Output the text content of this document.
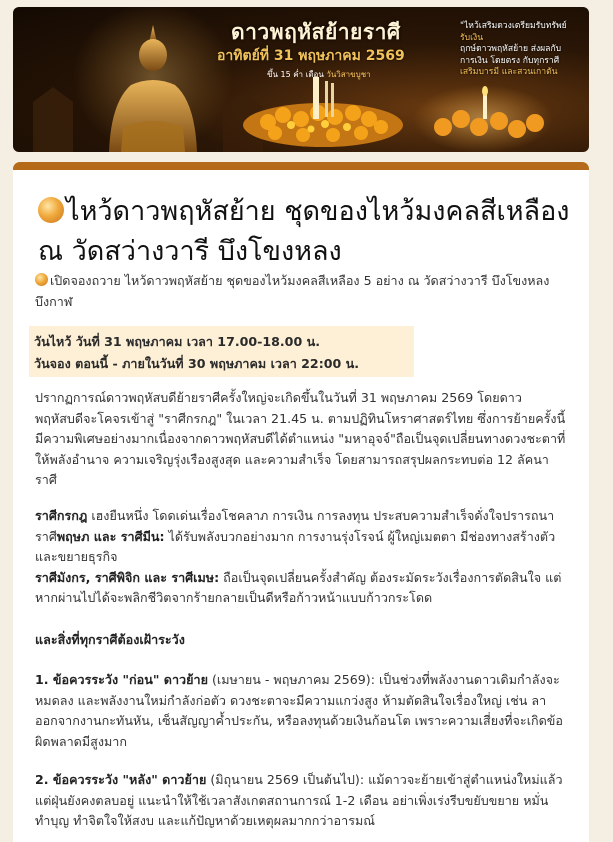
ดาวพฤหัสย้ายราศี
อาทิตย์ที่ 31 พฤษภาคม 2569
ขึ้น 15 ค่ำ เดือน วันวิสาขบูชา
"ไหว้เสริมดวงเตรียมรับทรัพย์
รับเงิน
ฤกษ์ดาวพฤหัสย้าย ส่งผลกับ
การเงิน โดยตรง กับทุกราศี
เสริมบารมี และสวนเกาตัน
ไหว้ดาวพฤหัสย้าย ชุดของไหว้มงคลสีเหลือง ณ วัดสว่างวารี บึงโขงหลง
เปิดจองถวาย ไหว้ดาวพฤหัสย้าย ชุดของไหว้มงคลสีเหลือง 5 อย่าง ณ วัดสว่างวารี บึงโขงหลง บึงกาฬ
วันไหว้ วันที่ 31 พฤษภาคม เวลา 17.00-18.00 น.
วันจอง ตอนนี้ - ภายในวันที่ 30 พฤษภาคม เวลา 22:00 น.
ปรากฏการณ์ดาวพฤหัสบดีย้ายราศีครั้งใหญ่จะเกิดขึ้นในวันที่ 31 พฤษภาคม 2569 โดยดาวพฤหัสบดีจะโคจรเข้าสู่ "ราศีกรกฎ" ในเวลา 21.45 น. ตามปฏิทินโหราศาสตร์ไทย ซึ่งการย้ายครั้งนี้มีความพิเศษอย่างมากเนื่องจากดาวพฤหัสบดีได้ตำแหน่ง "มหาอุจจ์"ถือเป็นจุดเปลี่ยนทางดวงชะตาที่ให้พลังอำนาจ ความเจริญรุ่งเรืองสูงสุด และความสำเร็จ โดยสามารถสรุปผลกระทบต่อ 12 ลัคนาราศี
ราศีกรกฎ เฮงยืนหนึ่ง โดดเด่นเรื่องโชคลาภ การเงิน การลงทุน ประสบความสำเร็จดั่งใจปรารถนาราศีพฤษภ และ ราศีมีน: ได้รับพลังบวกอย่างมาก การงานรุ่งโรจน์ ผู้ใหญ่เมตตา มีช่องทางสร้างตัวและขยายธุรกิจ
ราศีมังกร, ราศีพิจิก และ ราศีเมษ: ถือเป็นจุดเปลี่ยนครั้งสำคัญ ต้องระมัดระวังเรื่องการตัดสินใจ แต่หากผ่านไปได้จะพลิกชีวิตจากร้ายกลายเป็นดีหรือก้าวหน้าแบบก้าวกระโดด
และสิ่งที่ทุกราศีต้องเฝ้าระวัง
1. ข้อควรระวัง "ก่อน" ดาวย้าย (เมษายน - พฤษภาคม 2569): เป็นช่วงที่พลังงานดาวเดิมกำลังจะหมดลง และพลังงานใหม่กำลังก่อตัว ดวงชะตาจะมีความแกว่งสูง ห้ามตัดสินใจเรื่องใหญ่ เช่น ลาออกจากงานกะทันหัน, เซ็นสัญญาค้ำประกัน, หรือลงทุนด้วยเงินก้อนโต เพราะความเสี่ยงที่จะเกิดข้อผิดพลาดมีสูงมาก
2. ข้อควรระวัง "หลัง" ดาวย้าย (มิถุนายน 2569 เป็นต้นไป): แม้ดาวจะย้ายเข้าสู่ตำแหน่งใหม่แล้ว แต่ฝุ่นยังคงตลบอยู่ แนะนำให้ใช้เวลาสังเกตสถานการณ์ 1-2 เดือน อย่าเพิ่งเร่งรีบขยับขยาย หมั่นทำบุญ ทำจิตใจให้สงบ และแก้ปัญหาด้วยเหตุผลมากกว่าอารมณ์
